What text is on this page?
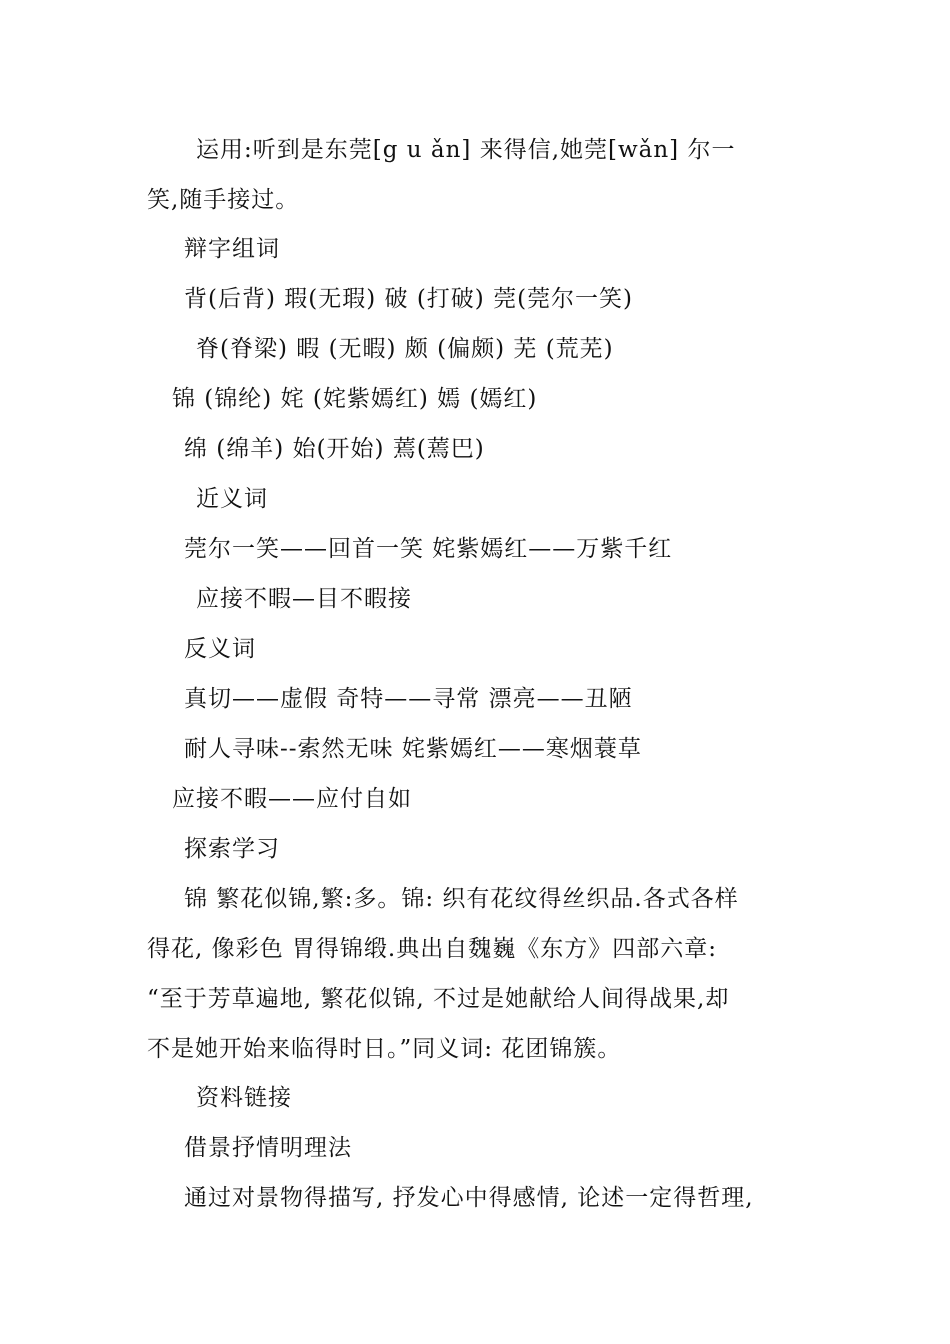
运用:听到是东莞[g u ǎn] 来得信,她莞[wǎn] 尔一
笑,随手接过。
辩字组词
背(后背) 瑕(无瑕) 破 (打破) 莞(莞尔一笑)
脊(脊梁) 暇 (无暇) 颇 (偏颇) 芜 (荒芜)
锦 (锦纶) 姹 (姹紫嫣红) 嫣 (嫣红)
绵 (绵羊) 始(开始) 蔫(蔫巴)
近义词
莞尔一笑——回首一笑 姹紫嫣红——万紫千红
应接不暇—目不暇接
反义词
真切——虚假 奇特——寻常 漂亮——丑陋
耐人寻味--索然无味 姹紫嫣红——寒烟蓑草
应接不暇——应付自如
探索学习
锦 繁花似锦,繁:多。锦: 织有花纹得丝织品.各式各样
得花, 像彩色 胃得锦缎.典出自魏巍《东方》四部六章:
“至于芳草遍地, 繁花似锦, 不过是她献给人间得战果,却
不是她开始来临得时日。”同义词: 花团锦簇。
资料链接
借景抒情明理法
通过对景物得描写, 抒发心中得感情, 论述一定得哲理,
